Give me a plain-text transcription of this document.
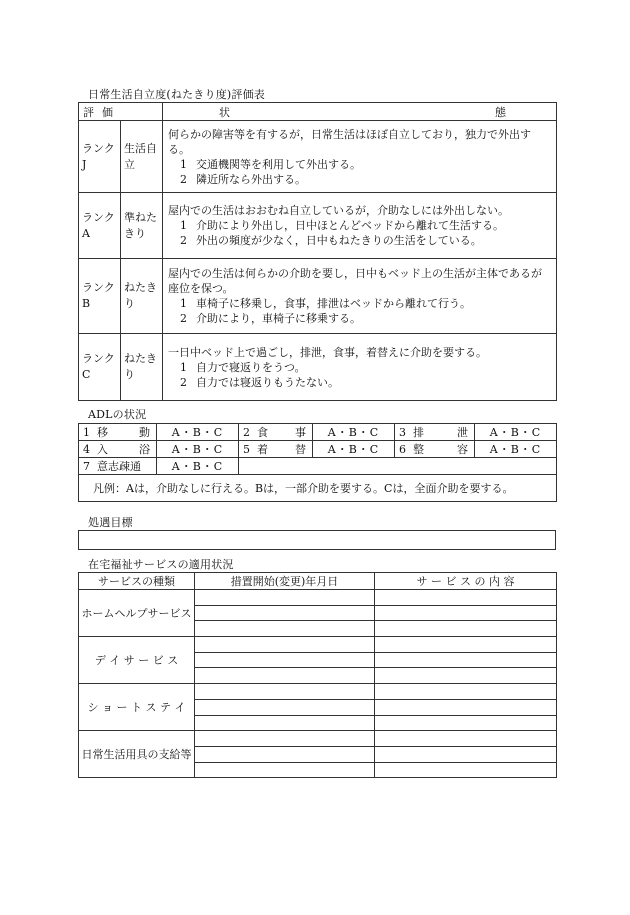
日常生活自立度(ねたきり度)評価表
評価		状 態

ランクJ	生活自立	何らかの障害等を有するが，日常生活はほぼ自立しており，独力で外出する。
1 交通機関等を利用して外出する。
2 隣近所なら外出する。

ランクA	準ねたきり	屋内での生活はおおむね自立しているが，介助なしには外出しない。
1 介助により外出し，日中ほとんどベッドから離れて生活する。
2 外出の頻度が少なく，日中もねたきりの生活をしている。

ランクB	ねたきり	屋内での生活は何らかの介助を要し，日中もベッド上の生活が主体であるが座位を保つ。
1 車椅子に移乗し，食事，排泄はベッドから離れて行う。
2 介助により，車椅子に移乗する。

ランクC	ねたきり	一日中ベッド上で過ごし，排泄，食事，着替えに介助を要する。
1 自力で寝返りをうつ。
2 自力では寝返りもうたない。
ADLの状況
1 移 動	A・B・C	2 食 事	A・B・C	3 排 泄	A・B・C

4 入 浴	A・B・C	5 着 替	A・B・C	6 整 容	A・B・C
7 意志疎通	A・B・C				
凡例：Aは，介助なしに行える。Bは，一部介助を要する。Cは，全面介助を要する。					
処遇目標
在宅福祉サービスの適用状況
サービスの種類	措置開始(変更)年月日	サ ー ビ ス の 内 容
ホームヘルプサービス		

デ イ サ ー ビ ス		

シ ョ ー ト ス テ イ		

日常生活用具の支給等		
